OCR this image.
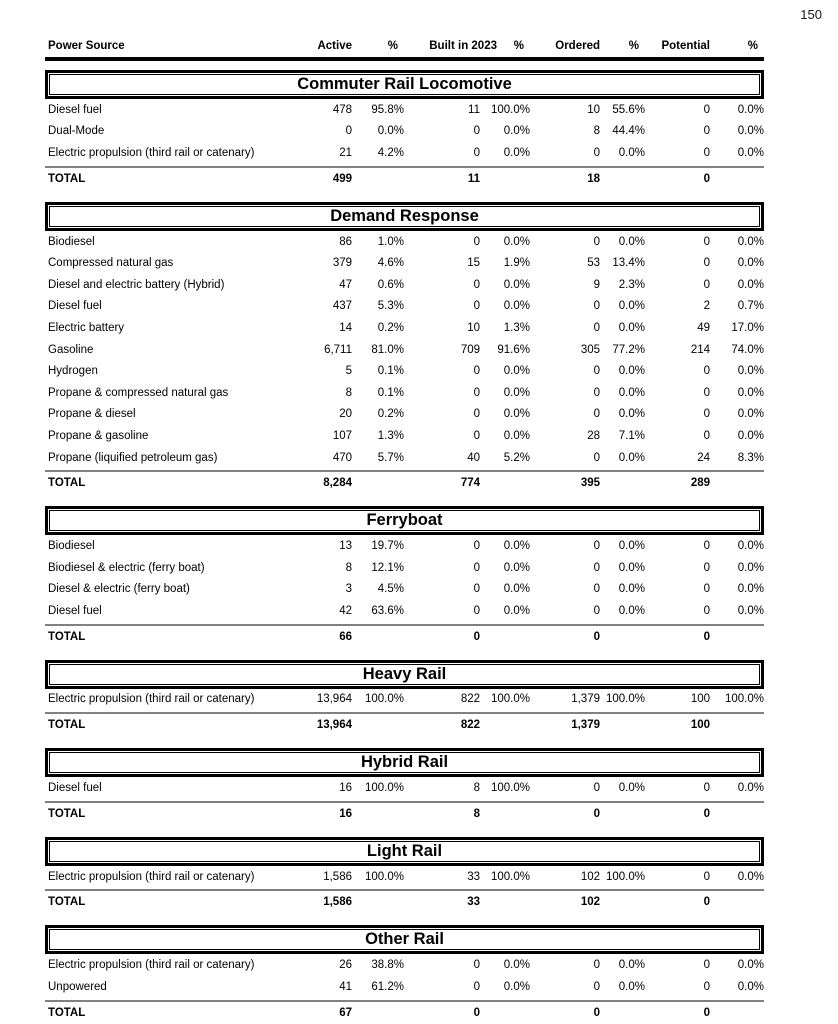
150
Power Source	Active	%	Built in 2023	%	Ordered	%	Potential	%
Commuter Rail Locomotive
Diesel fuel	478	95.8%	11 100.0%	10	55.6%	0	0.0%
Dual-Mode	0	0.0%	0	0.0%	8	44.4%	0	0.0%
Electric propulsion (third rail or catenary)	21	4.2%	0	0.0%	0	0.0%	0	0.0%
TOTAL	499	11	18	0
Demand Response
Biodiesel	86	1.0%	0	0.0%	0	0.0%	0	0.0%
Compressed natural gas	379	4.6%	15	1.9%	53	13.4%	0	0.0%
Diesel and electric battery (Hybrid)	47	0.6%	0	0.0%	9	2.3%	0	0.0%
Diesel fuel	437	5.3%	0	0.0%	0	0.0%	2	0.7%
Electric battery	14	0.2%	10	1.3%	0	0.0%	49	17.0%
Gasoline	6,711	81.0%	709	91.6%	305	77.2%	214	74.0%
Hydrogen	5	0.1%	0	0.0%	0	0.0%	0	0.0%
Propane & compressed natural gas	8	0.1%	0	0.0%	0	0.0%	0	0.0%
Propane & diesel	20	0.2%	0	0.0%	0	0.0%	0	0.0%
Propane & gasoline	107	1.3%	0	0.0%	28	7.1%	0	0.0%
Propane (liquified petroleum gas)	470	5.7%	40	5.2%	0	0.0%	24	8.3%
TOTAL	8,284	774	395	289
Ferryboat
Biodiesel	13	19.7%	0	0.0%	0	0.0%	0	0.0%
Biodiesel & electric (ferry boat)	8	12.1%	0	0.0%	0	0.0%	0	0.0%
Diesel & electric (ferry boat)	3	4.5%	0	0.0%	0	0.0%	0	0.0%
Diesel fuel	42	63.6%	0	0.0%	0	0.0%	0	0.0%
TOTAL	66	0	0	0
Heavy Rail
Electric propulsion (third rail or catenary)	13,964	100.0%	822 100.0%	1,379 100.0%	100	100.0%
TOTAL	13,964	822	1,379	100
Hybrid Rail
Diesel fuel	16	100.0%	8 100.0%	0	0.0%	0	0.0%
TOTAL	16	8	0	0
Light Rail
Electric propulsion (third rail or catenary)	1,586	100.0%	33 100.0%	102 100.0%	0	0.0%
TOTAL	1,586	33	102	0
Other Rail
Electric propulsion (third rail or catenary)	26	38.8%	0	0.0%	0	0.0%	0	0.0%
Unpowered	41	61.2%	0	0.0%	0	0.0%	0	0.0%
TOTAL	67	0	0	0
